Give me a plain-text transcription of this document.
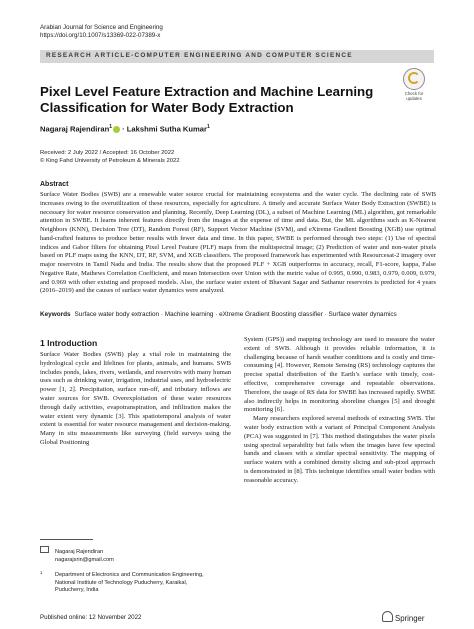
Arabian Journal for Science and Engineering
https://doi.org/10.1007/s13369-022-07389-x
RESEARCH ARTICLE-COMPUTER ENGINEERING AND COMPUTER SCIENCE
Check for
updates
Pixel Level Feature Extraction and Machine Learning Classification for Water Body Extraction
Nagaraj Rajendiran$^1$ · Lakshmi Sutha Kumar$^1$
Received: 2 July 2022 / Accepted: 16 October 2022
© King Fahd University of Petroleum & Minerals 2022
Abstract
Surface Water Bodies (SWB) are a renewable water source crucial for maintaining ecosystems and the water cycle. The declining rate of SWB increases owing to the overutilization of these resources, especially for agriculture. A timely and accurate Surface Water Body Extraction (SWBE) is necessary for water resource conservation and planning. Recently, Deep Learning (DL), a subset of Machine Learning (ML) algorithm, got remarkable attention in SWBE. It learns inherent features directly from the images at the expense of time and data. But, the ML algorithms such as K-Nearest Neighbors (KNN), Decision Tree (DT), Random Forest (RF), Support Vector Machine (SVM), and eXtreme Gradient Boosting (XGB) use optimal hand-crafted features to produce better results with fewer data and time. In this paper, SWBE is performed through two steps: (1) Use of spectral indices and Gabor filters for obtaining Pixel Level Feature (PLF) maps from the multispectral image; (2) Prediction of water and non-water pixels based on PLF maps using the KNN, DT, RF, SVM, and XGB classifiers. The proposed framework has experimented with Resourcesat-2 imagery over major reservoirs in Tamil Nadu and India. The results show that the proposed PLF + XGB outperforms in accuracy, recall, F1-score, kappa, False Negative Rate, Mathews Correlation Coefficient, and mean Intersection over Union with the metric value of 0.995, 0.990, 0.983, 0.979, 0.009, 0.979, and 0.969 with other existing and proposed models. Also, the surface water extent of Bhavani Sagar and Sathanur reservoirs is predicted for 4 years (2016–2019) and the causes of surface water dynamics were analyzed.
Keywords Surface water body extraction · Machine learning · eXtreme Gradient Boosting classifier · Surface water dynamics
1 Introduction
Surface Water Bodies (SWB) play a vital role in maintaining the hydrological cycle and lifelines for plants, animals, and humans. SWB includes ponds, lakes, rivers, wetlands, and reservoirs with many human uses such as drinking water, irrigation, industrial uses, and hydroelectric power [1, 2]. Precipitation, surface run-off, and tributary inflows are water sources for SWB. Overexploitation of these water resources through daily activities, evapotranspiration, and infiltration makes the water extent very dynamic [3]. This spatiotemporal analysis of water extent is essential for water resource management and decision-making. Many in situ measurements like surveying (field surveys using the Global Positioning

System (GPS)) and mapping technology are used to measure the water extent of SWB. Although it provides reliable information, it is challenging because of harsh weather conditions and is costly and time-consuming [4]. However, Remote Sensing (RS) technology captures the precise spatial distribution of the Earth’s surface with timely, cost-effective, comprehensive coverage and repeatable observations. Therefore, the usage of RS data for SWBE has increased rapidly. SWBE also indirectly helps in monitoring shoreline changes [5] and drought monitoring [6].

Many researchers explored several methods of extracting SWB. The water body extraction with a variant of Principal Component Analysis (PCA) was suggested in [7]. This method distinguishes the water pixels using spectral separability but fails when the images have few spectral bands and classes with a similar spectral sensitivity. The mapping of surface waters with a combined density slicing and sub-pixel approach is demonstrated in [8]. This technique identifies small water bodies with reasonable accuracy.

Nagaraj Rajendiran
nagarajsrin@gmail.com
1 Department of Electronics and Communication Engineering,
National Institute of Technology Puducherry, Karaikal,
Puducherry, India
Published online: 12 November 2022	Springer
